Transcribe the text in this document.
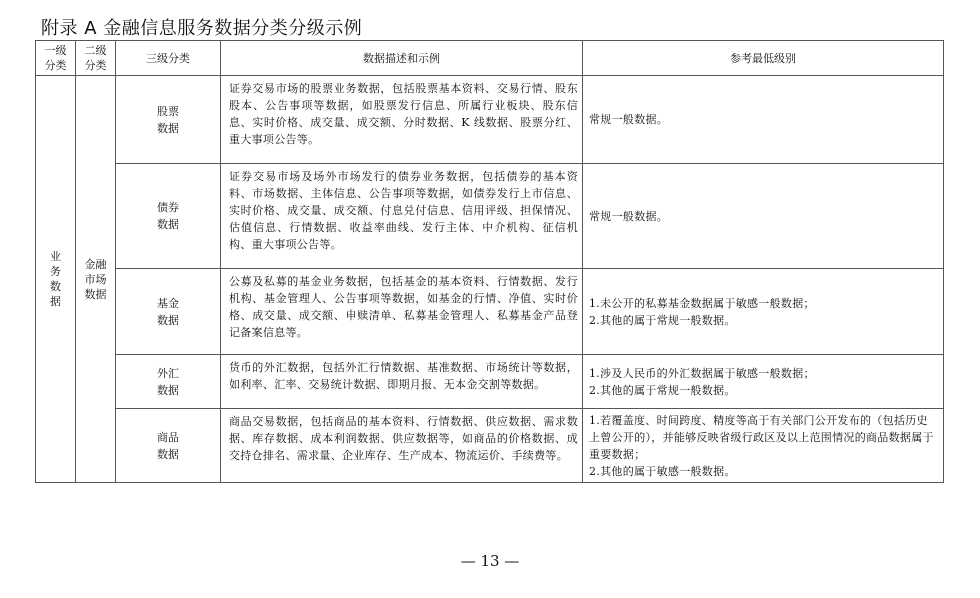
附录 A 金融信息服务数据分类分级示例
一级分类	二级分类	三级分类	数据描述和示例	参考最低级别
业务数据	金融市场数据	股票数据	证券交易市场的股票业务数据，包括股票基本资料、交易行情、股东股本、公告事项等数据，如股票发行信息、所属行业板块、股东信息、实时价格、成交量、成交额、分时数据、K 线数据、股票分红、重大事项公告等。	常规一般数据。

		债券数据	证券交易市场及场外市场发行的债券业务数据，包括债券的基本资料、市场数据、主体信息、公告事项等数据，如债券发行上市信息、实时价格、成交量、成交额、付息兑付信息、信用评级、担保情况、估值信息、行情数据、收益率曲线、发行主体、中介机构、征信机构、重大事项公告等。	常规一般数据。

		基金数据	公募及私募的基金业务数据，包括基金的基本资料、行情数据、发行机构、基金管理人、公告事项等数据，如基金的行情、净值、实时价格、成交量、成交额、申赎清单、私募基金管理人、私募基金产品登记备案信息等。	1.未公开的私募基金数据属于敏感一般数据；
2.其他的属于常规一般数据。

		外汇数据	货币的外汇数据，包括外汇行情数据、基准数据、市场统计等数据，如利率、汇率、交易统计数据、即期月报、无本金交割等数据。	1.涉及人民币的外汇数据属于敏感一般数据；
2.其他的属于常规一般数据。

		商品数据	商品交易数据，包括商品的基本资料、行情数据、供应数据、需求数据、库存数据、成本利润数据、供应数据等，如商品的价格数据、成交持仓排名、需求量、企业库存、生产成本、物流运价、手续费等。	1.若覆盖度、时间跨度、精度等高于有关部门公开发布的（包括历史上曾公开的），并能够反映省级行政区及以上范围情况的商品数据属于重要数据；
2.其他的属于敏感一般数据。
— 13 —
